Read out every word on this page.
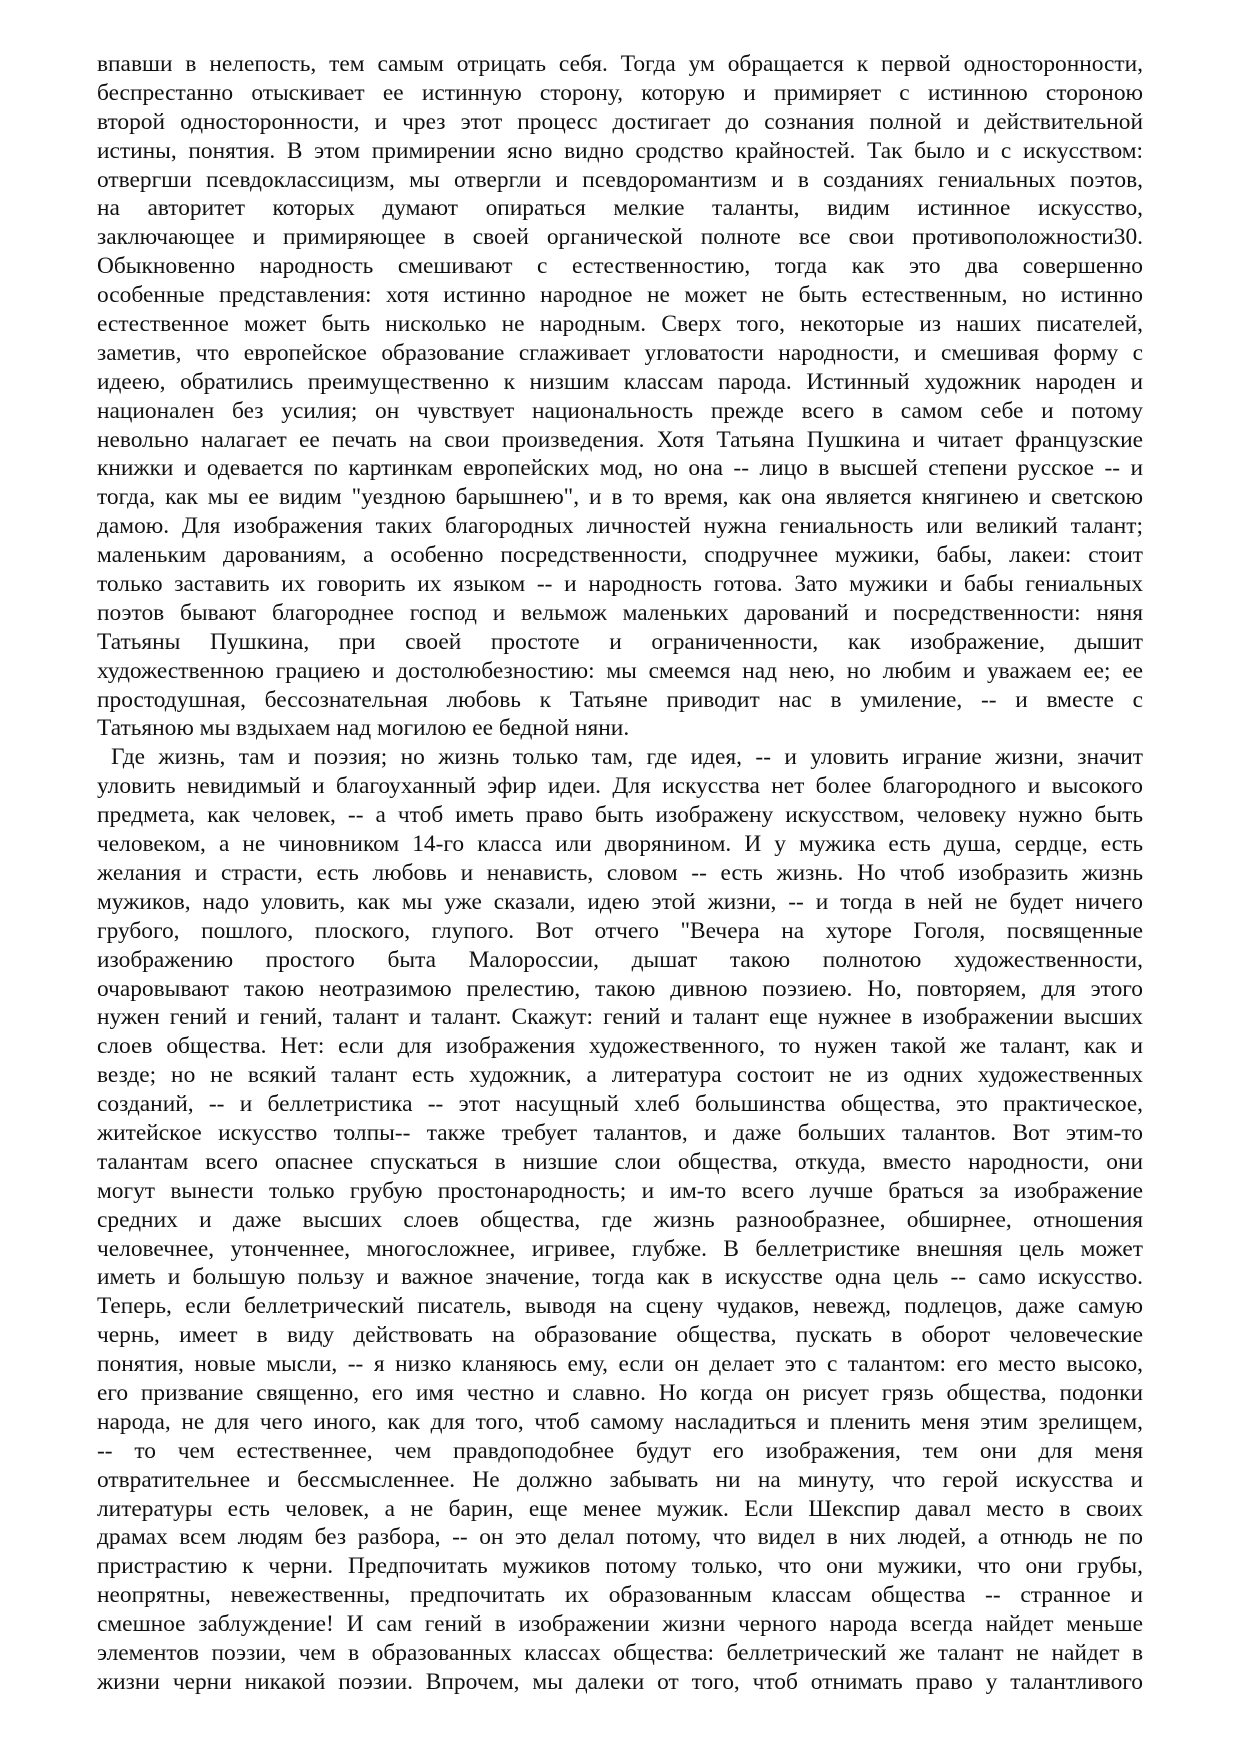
впавши в нелепость, тем самым отрицать себя. Тогда ум обращается к первой односторонности,
беспрестанно отыскивает ее истинную сторону, которую и примиряет с истинною стороною
второй односторонности, и чрез этот процесс достигает до сознания полной и действительной
истины, понятия. В этом примирении ясно видно сродство крайностей. Так было и с искусством:
отвергши псевдоклассицизм, мы отвергли и псевдоромантизм и в созданиях гениальных поэтов,
на авторитет которых думают опираться мелкие таланты, видим истинное искусство,
заключающее и примиряющее в своей органической полноте все свои противоположности30.
Обыкновенно народность смешивают с естественностию, тогда как это два совершенно
особенные представления: хотя истинно народное не может не быть естественным, но истинно
естественное может быть нисколько не народным. Сверх того, некоторые из наших писателей,
заметив, что европейское образование сглаживает угловатости народности, и смешивая форму с
идеею, обратились преимущественно к низшим классам парода. Истинный художник народен и
национален без усилия; он чувствует национальность прежде всего в самом себе и потому
невольно налагает ее печать на свои произведения. Хотя Татьяна Пушкина и читает французские
книжки и одевается по картинкам европейских мод, но она -- лицо в высшей степени русское -- и
тогда, как мы ее видим "уездною барышнею", и в то время, как она является княгинею и светскою
дамою. Для изображения таких благородных личностей нужна гениальность или великий талант;
маленьким дарованиям, а особенно посредственности, сподручнее мужики, бабы, лакеи: стоит
только заставить их говорить их языком -- и народность готова. Зато мужики и бабы гениальных
поэтов бывают благороднее господ и вельмож маленьких дарований и посредственности: няня
Татьяны Пушкина, при своей простоте и ограниченности, как изображение, дышит
художественною грациею и достолюбезностию: мы смеемся над нею, но любим и уважаем ее; ее
простодушная, бессознательная любовь к Татьяне приводит нас в умиление, -- и вместе с
Татьяною мы вздыхаем над могилою ее бедной няни.
Где жизнь, там и поэзия; но жизнь только там, где идея, -- и уловить играние жизни, значит
уловить невидимый и благоуханный эфир идеи. Для искусства нет более благородного и высокого
предмета, как человек, -- а чтоб иметь право быть изображену искусством, человеку нужно быть
человеком, а не чиновником 14-го класса или дворянином. И у мужика есть душа, сердце, есть
желания и страсти, есть любовь и ненависть, словом -- есть жизнь. Но чтоб изобразить жизнь
мужиков, надо уловить, как мы уже сказали, идею этой жизни, -- и тогда в ней не будет ничего
грубого, пошлого, плоского, глупого. Вот отчего "Вечера на хуторе Гоголя, посвященные
изображению простого быта Малороссии, дышат такою полнотою художественности,
очаровывают такою неотразимою прелестию, такою дивною поэзиею. Но, повторяем, для этого
нужен гений и гений, талант и талант. Скажут: гений и талант еще нужнее в изображении высших
слоев общества. Нет: если для изображения художественного, то нужен такой же талант, как и
везде; но не всякий талант есть художник, а литература состоит не из одних художественных
созданий, -- и беллетристика -- этот насущный хлеб большинства общества, это практическое,
житейское искусство толпы-- также требует талантов, и даже больших талантов. Вот этим-то
талантам всего опаснее спускаться в низшие слои общества, откуда, вместо народности, они
могут вынести только грубую простонародность; и им-то всего лучше браться за изображение
средних и даже высших слоев общества, где жизнь разнообразнее, обширнее, отношения
человечнее, утонченнее, многосложнее, игривее, глубже. В беллетристике внешняя цель может
иметь и большую пользу и важное значение, тогда как в искусстве одна цель -- само искусство.
Теперь, если беллетрический писатель, выводя на сцену чудаков, невежд, подлецов, даже самую
чернь, имеет в виду действовать на образование общества, пускать в оборот человеческие
понятия, новые мысли, -- я низко кланяюсь ему, если он делает это с талантом: его место высоко,
его призвание священно, его имя честно и славно. Но когда он рисует грязь общества, подонки
народа, не для чего иного, как для того, чтоб самому насладиться и пленить меня этим зрелищем,
-- то чем естественнее, чем правдоподобнее будут его изображения, тем они для меня
отвратительнее и бессмысленнее. Не должно забывать ни на минуту, что герой искусства и
литературы есть человек, а не барин, еще менее мужик. Если Шекспир давал место в своих
драмах всем людям без разбора, -- он это делал потому, что видел в них людей, а отнюдь не по
пристрастию к черни. Предпочитать мужиков потому только, что они мужики, что они грубы,
неопрятны, невежественны, предпочитать их образованным классам общества -- странное и
смешное заблуждение! И сам гений в изображении жизни черного народа всегда найдет меньше
элементов поэзии, чем в образованных классах общества: беллетрический же талант не найдет в
жизни черни никакой поэзии. Впрочем, мы далеки от того, чтоб отнимать право у талантливого
